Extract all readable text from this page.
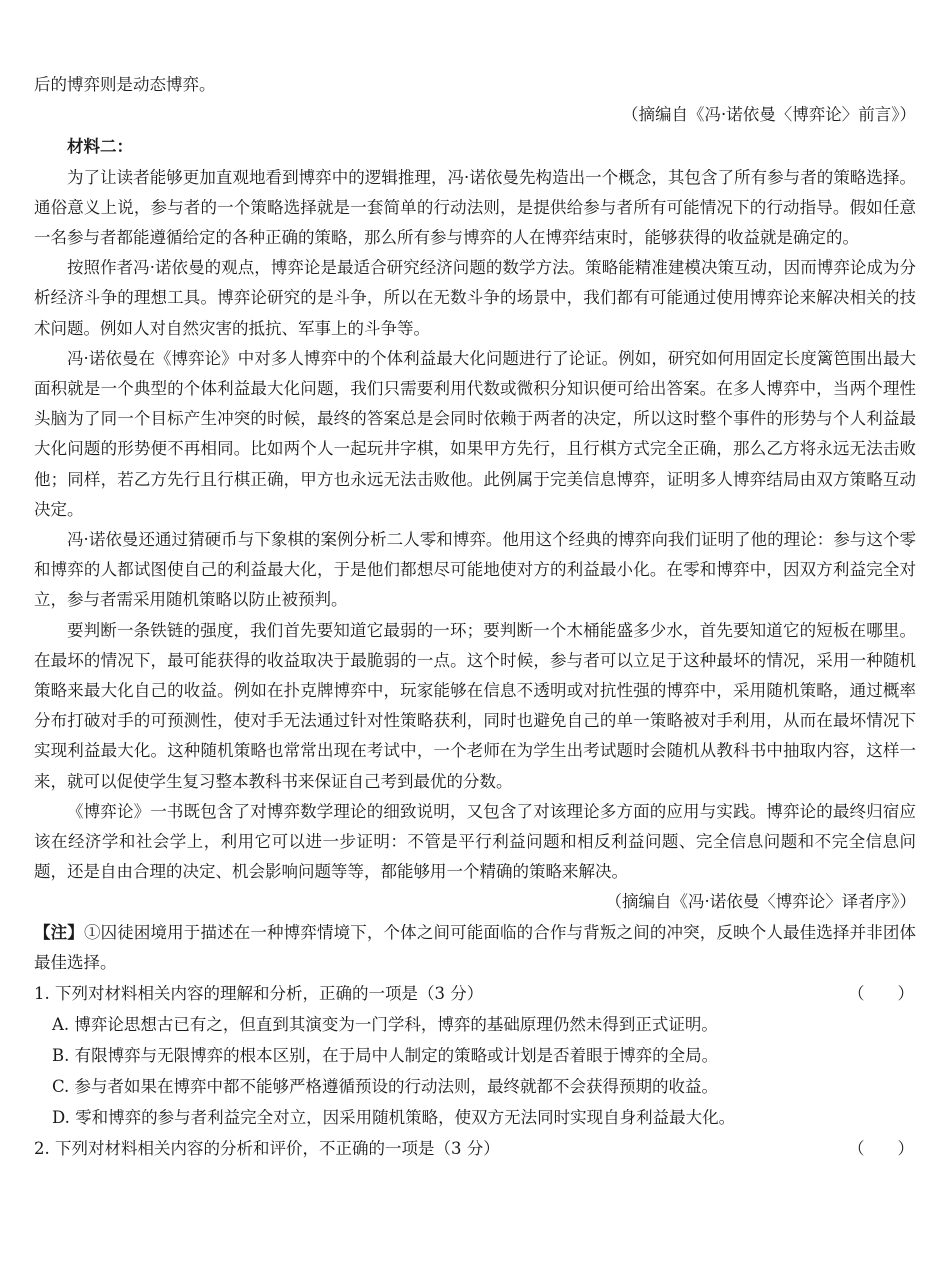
后的博弈则是动态博弈。

（摘编自《冯·诺依曼〈博弈论〉前言》）

材料二：

为了让读者能够更加直观地看到博弈中的逻辑推理，冯·诺依曼先构造出一个概念，其包含了所有参与者的策略选择。通俗意义上说，参与者的一个策略选择就是一套简单的行动法则，是提供给参与者所有可能情况下的行动指导。假如任意一名参与者都能遵循给定的各种正确的策略，那么所有参与博弈的人在博弈结束时，能够获得的收益就是确定的。

按照作者冯·诺依曼的观点，博弈论是最适合研究经济问题的数学方法。策略能精准建模决策互动，因而博弈论成为分析经济斗争的理想工具。博弈论研究的是斗争，所以在无数斗争的场景中，我们都有可能通过使用博弈论来解决相关的技术问题。例如人对自然灾害的抵抗、军事上的斗争等。

冯·诺依曼在《博弈论》中对多人博弈中的个体利益最大化问题进行了论证。例如，研究如何用固定长度篱笆围出最大面积就是一个典型的个体利益最大化问题，我们只需要利用代数或微积分知识便可给出答案。在多人博弈中，当两个理性头脑为了同一个目标产生冲突的时候，最终的答案总是会同时依赖于两者的决定，所以这时整个事件的形势与个人利益最大化问题的形势便不再相同。比如两个人一起玩井字棋，如果甲方先行，且行棋方式完全正确，那么乙方将永远无法击败他；同样，若乙方先行且行棋正确，甲方也永远无法击败他。此例属于完美信息博弈，证明多人博弈结局由双方策略互动决定。

冯·诺依曼还通过猜硬币与下象棋的案例分析二人零和博弈。他用这个经典的博弈向我们证明了他的理论：参与这个零和博弈的人都试图使自己的利益最大化，于是他们都想尽可能地使对方的利益最小化。在零和博弈中，因双方利益完全对立，参与者需采用随机策略以防止被预判。

要判断一条铁链的强度，我们首先要知道它最弱的一环；要判断一个木桶能盛多少水，首先要知道它的短板在哪里。在最坏的情况下，最可能获得的收益取决于最脆弱的一点。这个时候，参与者可以立足于这种最坏的情况，采用一种随机策略来最大化自己的收益。例如在扑克牌博弈中，玩家能够在信息不透明或对抗性强的博弈中，采用随机策略，通过概率分布打破对手的可预测性，使对手无法通过针对性策略获利，同时也避免自己的单一策略被对手利用，从而在最坏情况下实现利益最大化。这种随机策略也常常出现在考试中，一个老师在为学生出考试题时会随机从教科书中抽取内容，这样一来，就可以促使学生复习整本教科书来保证自己考到最优的分数。

《博弈论》一书既包含了对博弈数学理论的细致说明，又包含了对该理论多方面的应用与实践。博弈论的最终归宿应该在经济学和社会学上，利用它可以进一步证明：不管是平行利益问题和相反利益问题、完全信息问题和不完全信息问题，还是自由合理的决定、机会影响问题等等，都能够用一个精确的策略来解决。

（摘编自《冯·诺依曼〈博弈论〉译者序》）

【注】①囚徒困境用于描述在一种博弈情境下，个体之间可能面临的合作与背叛之间的冲突，反映个人最佳选择并非团体最佳选择。

1. 下列对材料相关内容的理解和分析，正确的一项是（3 分）	（　　）
A. 博弈论思想古已有之，但直到其演变为一门学科，博弈的基础原理仍然未得到正式证明。
B. 有限博弈与无限博弈的根本区别，在于局中人制定的策略或计划是否着眼于博弈的全局。
C. 参与者如果在博弈中都不能够严格遵循预设的行动法则，最终就都不会获得预期的收益。
D. 零和博弈的参与者利益完全对立，因采用随机策略，使双方无法同时实现自身利益最大化。
2. 下列对材料相关内容的分析和评价，不正确的一项是（3 分）	（　　）
